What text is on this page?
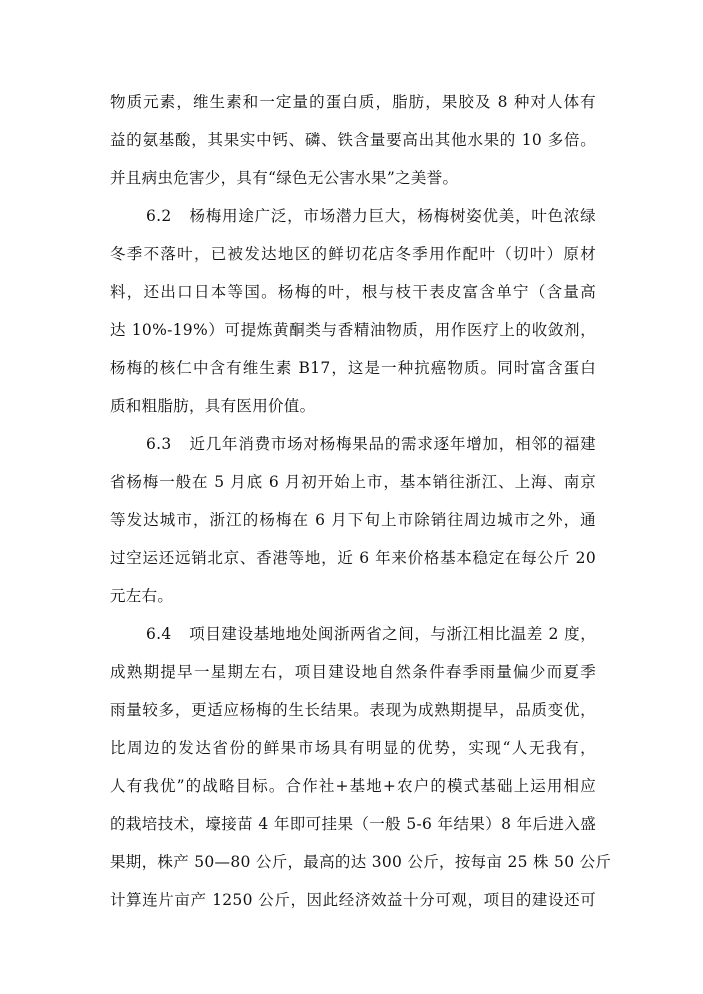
物质元素，维生素和一定量的蛋白质，脂肪，果胶及 8 种对人体有
益的氨基酸，其果实中钙、磷、铁含量要高出其他水果的 10 多倍。
并且病虫危害少，具有“绿色无公害水果”之美誉。
6.2 杨梅用途广泛，市场潜力巨大，杨梅树姿优美，叶色浓绿
冬季不落叶，已被发达地区的鲜切花店冬季用作配叶（切叶）原材
料，还出口日本等国。杨梅的叶，根与枝干表皮富含单宁（含量高
达 10%-19%）可提炼黄酮类与香精油物质，用作医疗上的收敛剂，
杨梅的核仁中含有维生素 B17，这是一种抗癌物质。同时富含蛋白
质和粗脂肪，具有医用价值。
6.3 近几年消费市场对杨梅果品的需求逐年增加，相邻的福建
省杨梅一般在 5 月底 6 月初开始上市，基本销往浙江、上海、南京
等发达城市，浙江的杨梅在 6 月下旬上市除销往周边城市之外，通
过空运还远销北京、香港等地，近 6 年来价格基本稳定在每公斤 20
元左右。
6.4 项目建设基地地处闽浙两省之间，与浙江相比温差 2 度，
成熟期提早一星期左右，项目建设地自然条件春季雨量偏少而夏季
雨量较多，更适应杨梅的生长结果。表现为成熟期提早，品质变优，
比周边的发达省份的鲜果市场具有明显的优势，实现“人无我有，
人有我优”的战略目标。合作社+基地+农户的模式基础上运用相应
的栽培技术，壕接苗 4 年即可挂果（一般 5-6 年结果）8 年后进入盛
果期，株产 50—80 公斤，最高的达 300 公斤，按每亩 25 株 50 公斤
计算连片亩产 1250 公斤，因此经济效益十分可观，项目的建设还可
